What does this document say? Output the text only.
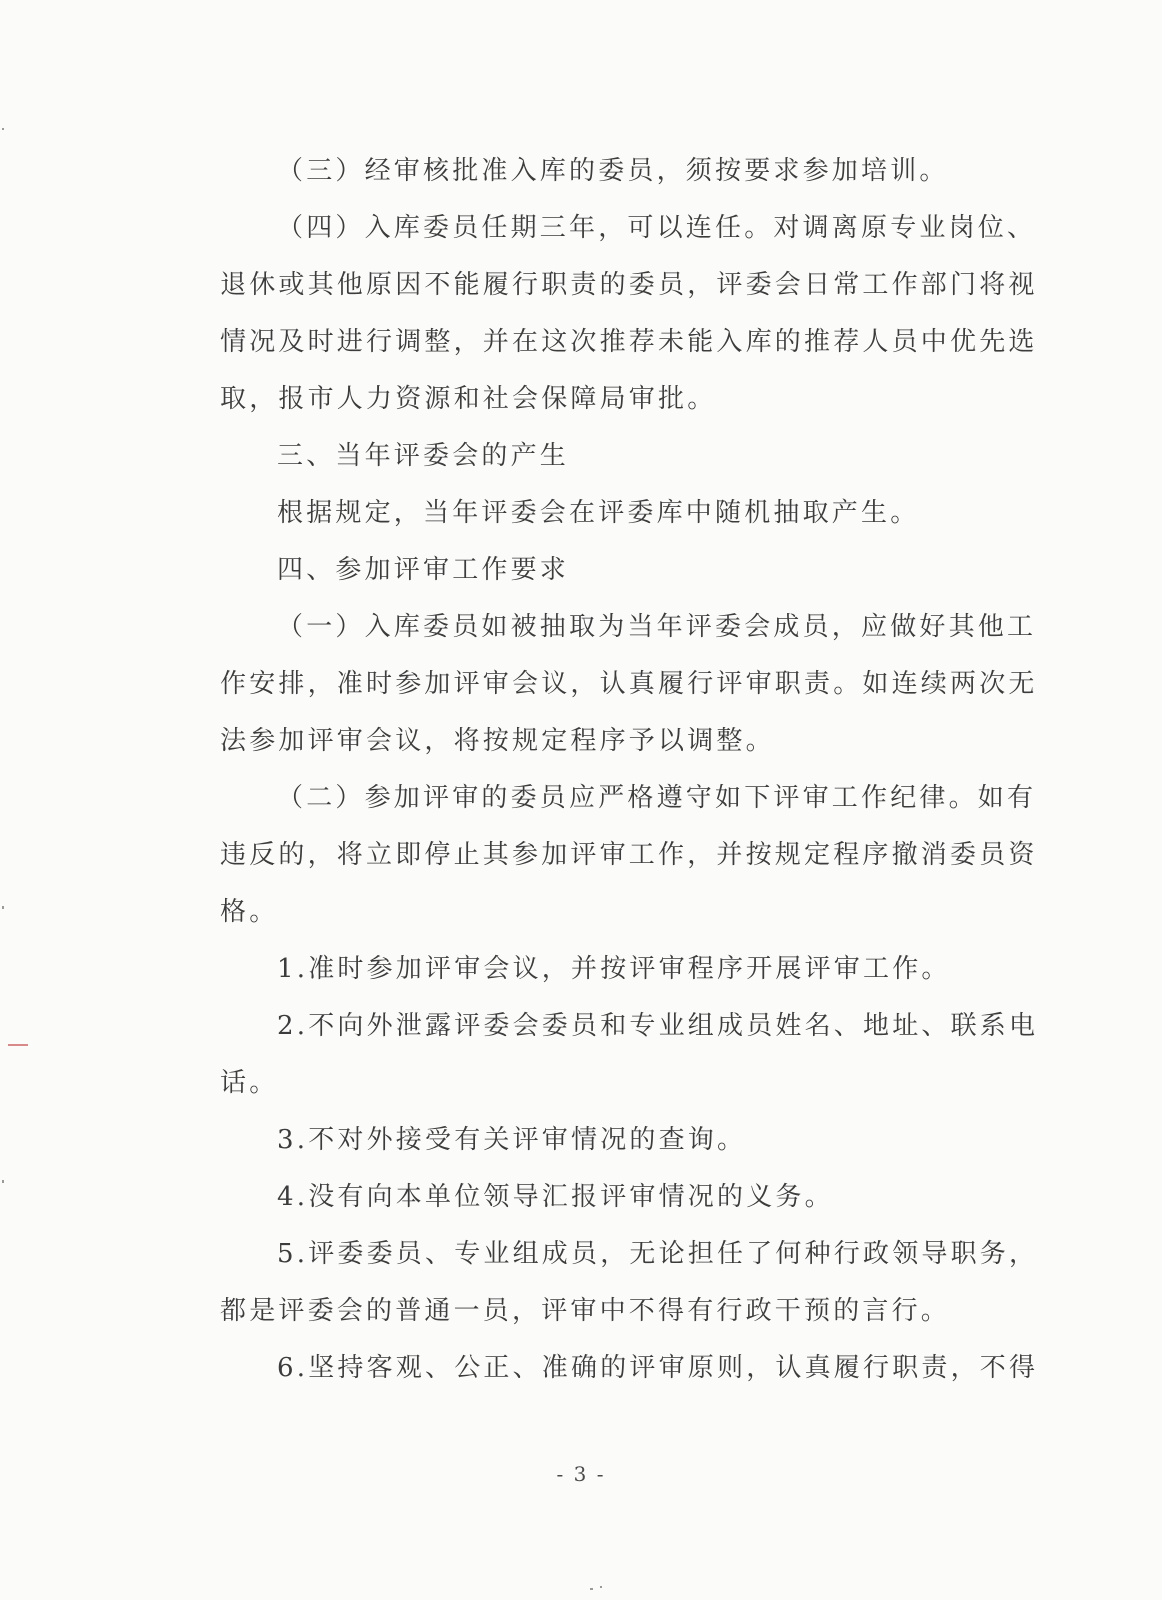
（三）经审核批准入库的委员，须按要求参加培训。
（四）入库委员任期三年，可以连任。对调离原专业岗位、
退休或其他原因不能履行职责的委员，评委会日常工作部门将视
情况及时进行调整，并在这次推荐未能入库的推荐人员中优先选
取，报市人力资源和社会保障局审批。
三、当年评委会的产生
根据规定，当年评委会在评委库中随机抽取产生。
四、参加评审工作要求
（一）入库委员如被抽取为当年评委会成员，应做好其他工
作安排，准时参加评审会议，认真履行评审职责。如连续两次无
法参加评审会议，将按规定程序予以调整。
（二）参加评审的委员应严格遵守如下评审工作纪律。如有
违反的，将立即停止其参加评审工作，并按规定程序撤消委员资
格。
1.准时参加评审会议，并按评审程序开展评审工作。
2.不向外泄露评委会委员和专业组成员姓名、地址、联系电
话。
3.不对外接受有关评审情况的查询。
4.没有向本单位领导汇报评审情况的义务。
5.评委委员、专业组成员，无论担任了何种行政领导职务，
都是评委会的普通一员，评审中不得有行政干预的言行。
6.坚持客观、公正、准确的评审原则，认真履行职责，不得
- 3 -
